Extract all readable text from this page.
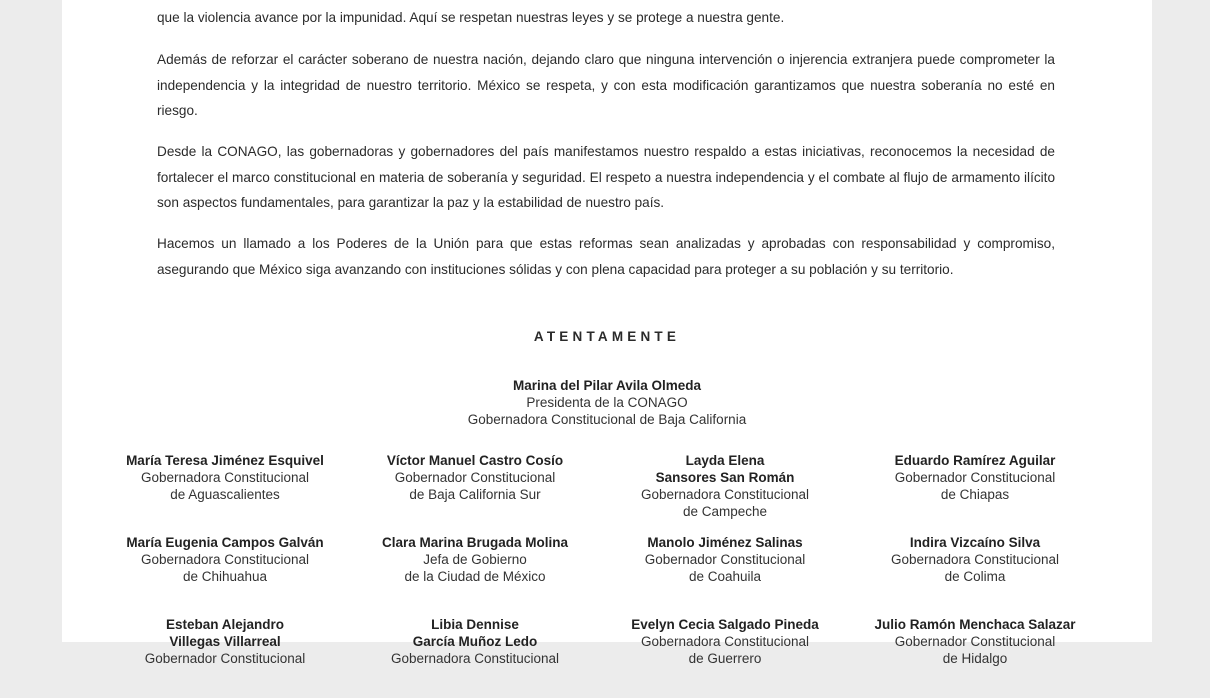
que la violencia avance por la impunidad. Aquí se respetan nuestras leyes y se protege a nuestra gente.
Además de reforzar el carácter soberano de nuestra nación, dejando claro que ninguna intervención o injerencia extranjera puede comprometer la independencia y la integridad de nuestro territorio. México se respeta, y con esta modificación garantizamos que nuestra soberanía no esté en riesgo.
Desde la CONAGO, las gobernadoras y gobernadores del país manifestamos nuestro respaldo a estas iniciativas, reconocemos la necesidad de fortalecer el marco constitucional en materia de soberanía y seguridad. El respeto a nuestra independencia y el combate al flujo de armamento ilícito son aspectos fundamentales, para garantizar la paz y la estabilidad de nuestro país.
Hacemos un llamado a los Poderes de la Unión para que estas reformas sean analizadas y aprobadas con responsabilidad y compromiso, asegurando que México siga avanzando con instituciones sólidas y con plena capacidad para proteger a su población y su territorio.
ATENTAMENTE
Marina del Pilar Avila Olmeda
Presidenta de la CONAGO
Gobernadora Constitucional de Baja California
María Teresa Jiménez Esquivel
Gobernadora Constitucional
de Aguascalientes
Víctor Manuel Castro Cosío
Gobernador Constitucional
de Baja California Sur
Layda Elena
Sansores San Román
Gobernadora Constitucional
de Campeche
Eduardo Ramírez Aguilar
Gobernador Constitucional
de Chiapas
María Eugenia Campos Galván
Gobernadora Constitucional
de Chihuahua
Clara Marina Brugada Molina
Jefa de Gobierno
de la Ciudad de México
Manolo Jiménez Salinas
Gobernador Constitucional
de Coahuila
Indira Vizcaíno Silva
Gobernadora Constitucional
de Colima
Esteban Alejandro
Villegas Villarreal
Gobernador Constitucional
Libia Dennise
García Muñoz Ledo
Gobernadora Constitucional
Evelyn Cecia Salgado Pineda
Gobernadora Constitucional
de Guerrero
Julio Ramón Menchaca Salazar
Gobernador Constitucional
de Hidalgo
